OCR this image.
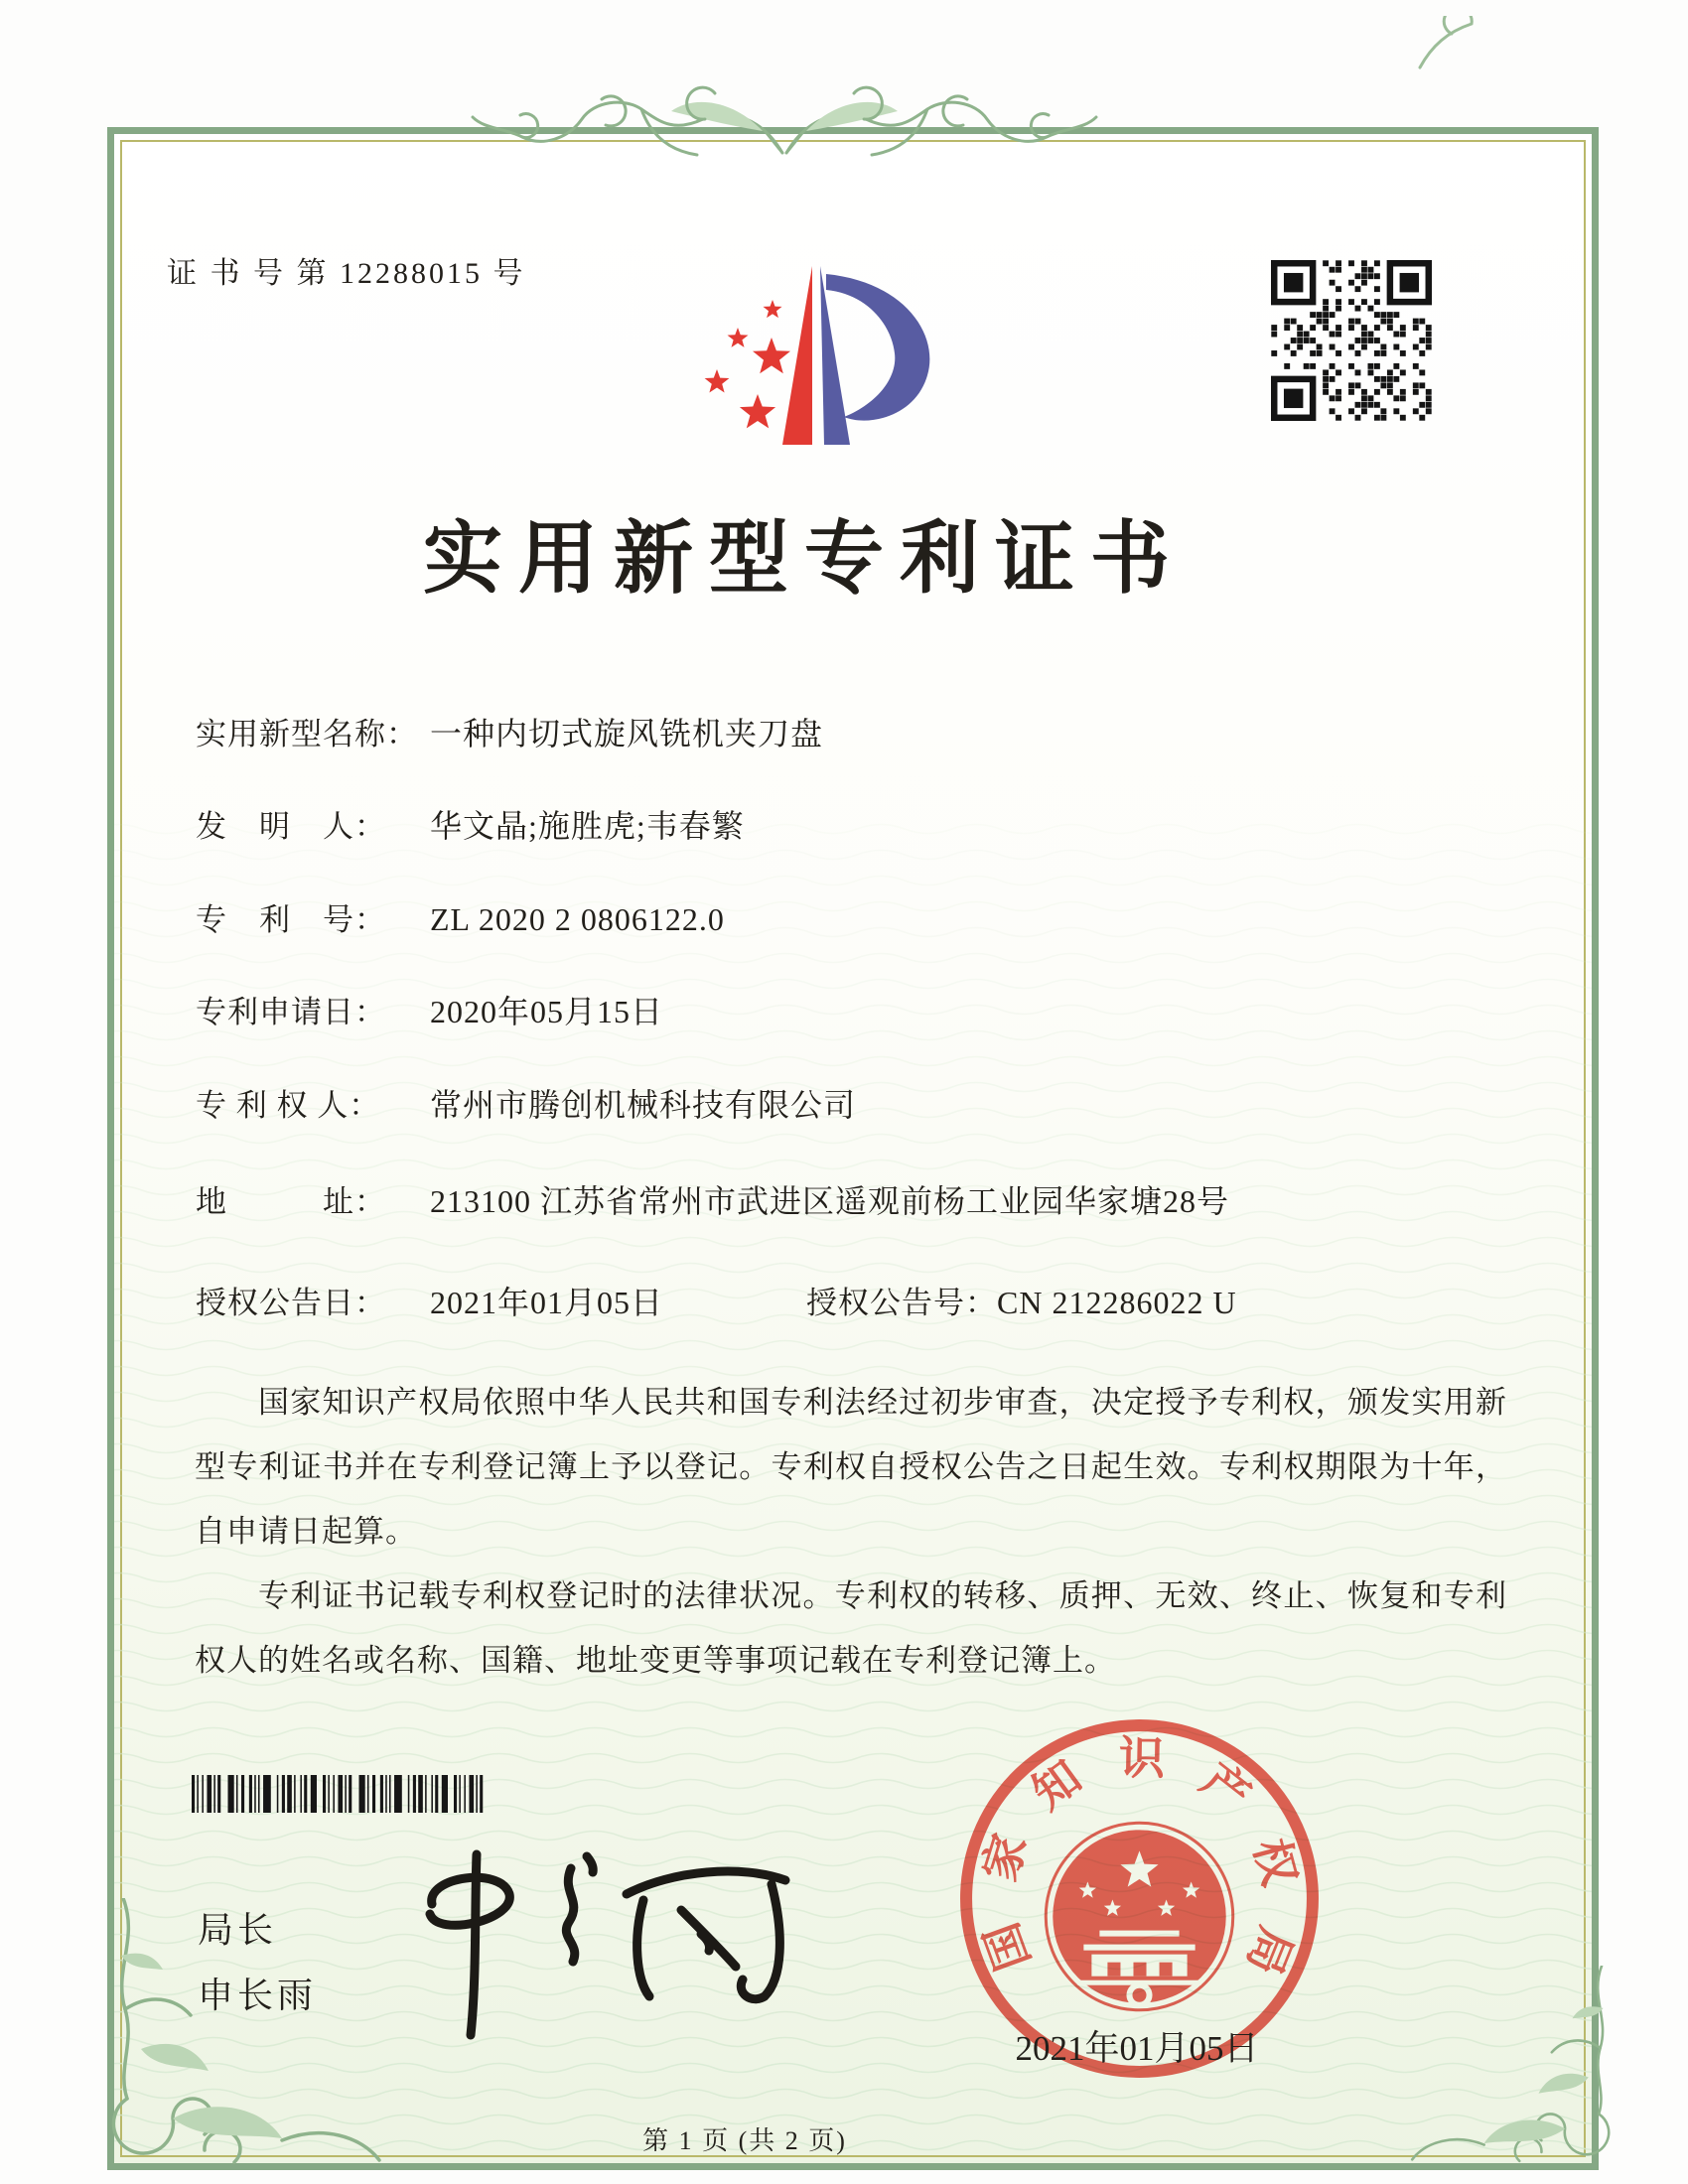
证 书 号 第 12288015 号
实用新型专利证书
实用新型名称： 一种内切式旋风铣机夹刀盘
发　明　人： 华文晶;施胜虎;韦春繁
专　利　号： ZL 2020 2 0806122.0
专利申请日： 2020年05月15日
专 利 权 人： 常州市腾创机械科技有限公司
地　　　址： 213100 江苏省常州市武进区遥观前杨工业园华家塘28号
授权公告日： 2021年01月05日	授权公告号：CN 212286022 U

国家知识产权局依照中华人民共和国专利法经过初步审查，决定授予专利权，颁发实用新型专利证书并在专利登记簿上予以登记。专利权自授权公告之日起生效。专利权期限为十年，自申请日起算。

专利证书记载专利权登记时的法律状况。专利权的转移、质押、无效、终止、恢复和专利权人的姓名或名称、国籍、地址变更等事项记载在专利登记簿上。

局长
申长雨
国
家
知 识 产
权
局
2021年01月05日
第 1 页 (共 2 页)
